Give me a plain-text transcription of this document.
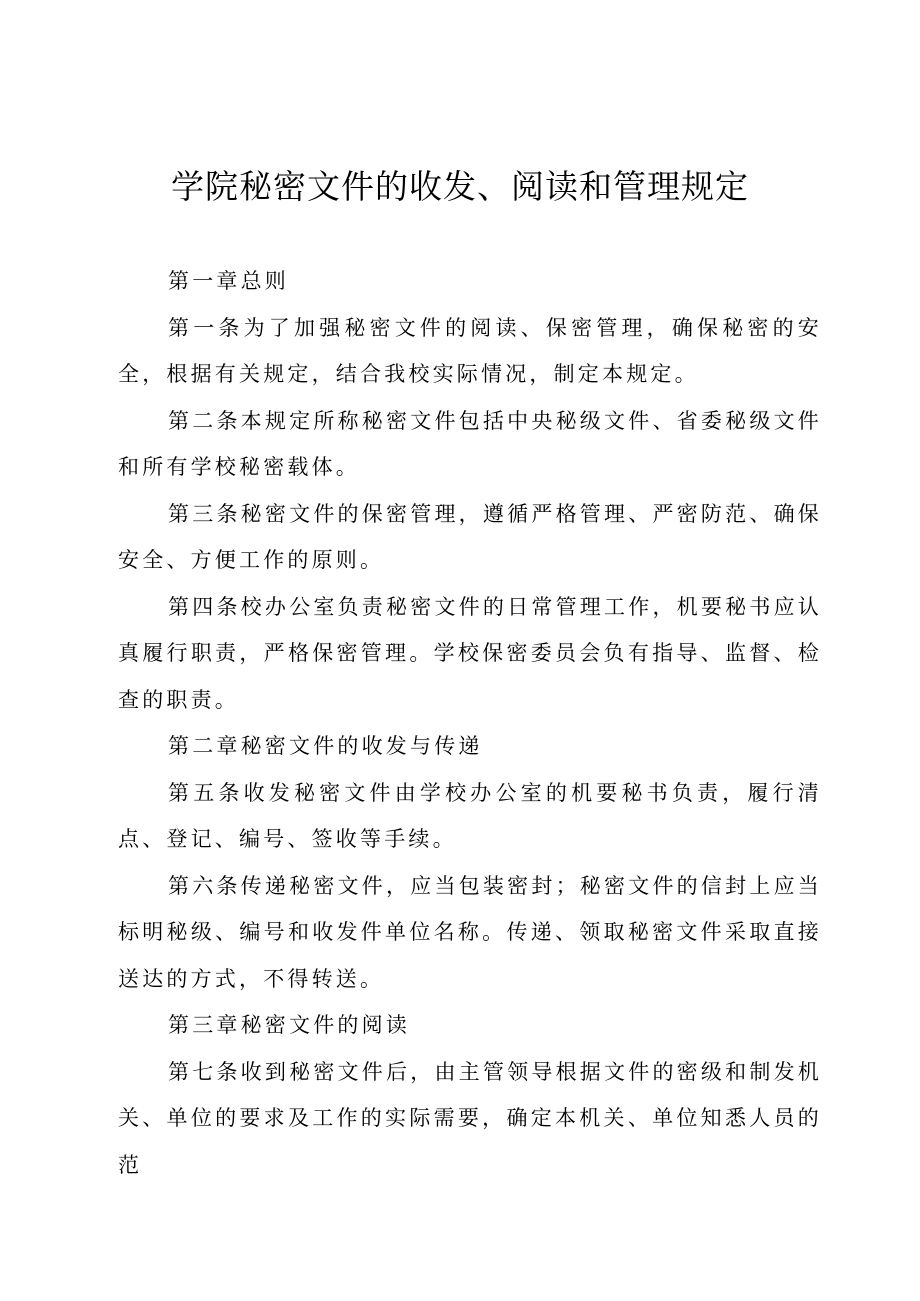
学院秘密文件的收发、阅读和管理规定

第一章总则

第一条为了加强秘密文件的阅读、保密管理，确保秘密的安全，根据有关规定，结合我校实际情况，制定本规定。

第二条本规定所称秘密文件包括中央秘级文件、省委秘级文件和所有学校秘密载体。

第三条秘密文件的保密管理，遵循严格管理、严密防范、确保安全、方便工作的原则。

第四条校办公室负责秘密文件的日常管理工作，机要秘书应认真履行职责，严格保密管理。学校保密委员会负有指导、监督、检查的职责。

第二章秘密文件的收发与传递

第五条收发秘密文件由学校办公室的机要秘书负责，履行清点、登记、编号、签收等手续。

第六条传递秘密文件，应当包装密封；秘密文件的信封上应当标明秘级、编号和收发件单位名称。传递、领取秘密文件采取直接送达的方式，不得转送。

第三章秘密文件的阅读

第七条收到秘密文件后，由主管领导根据文件的密级和制发机关、单位的要求及工作的实际需要，确定本机关、单位知悉人员的范
